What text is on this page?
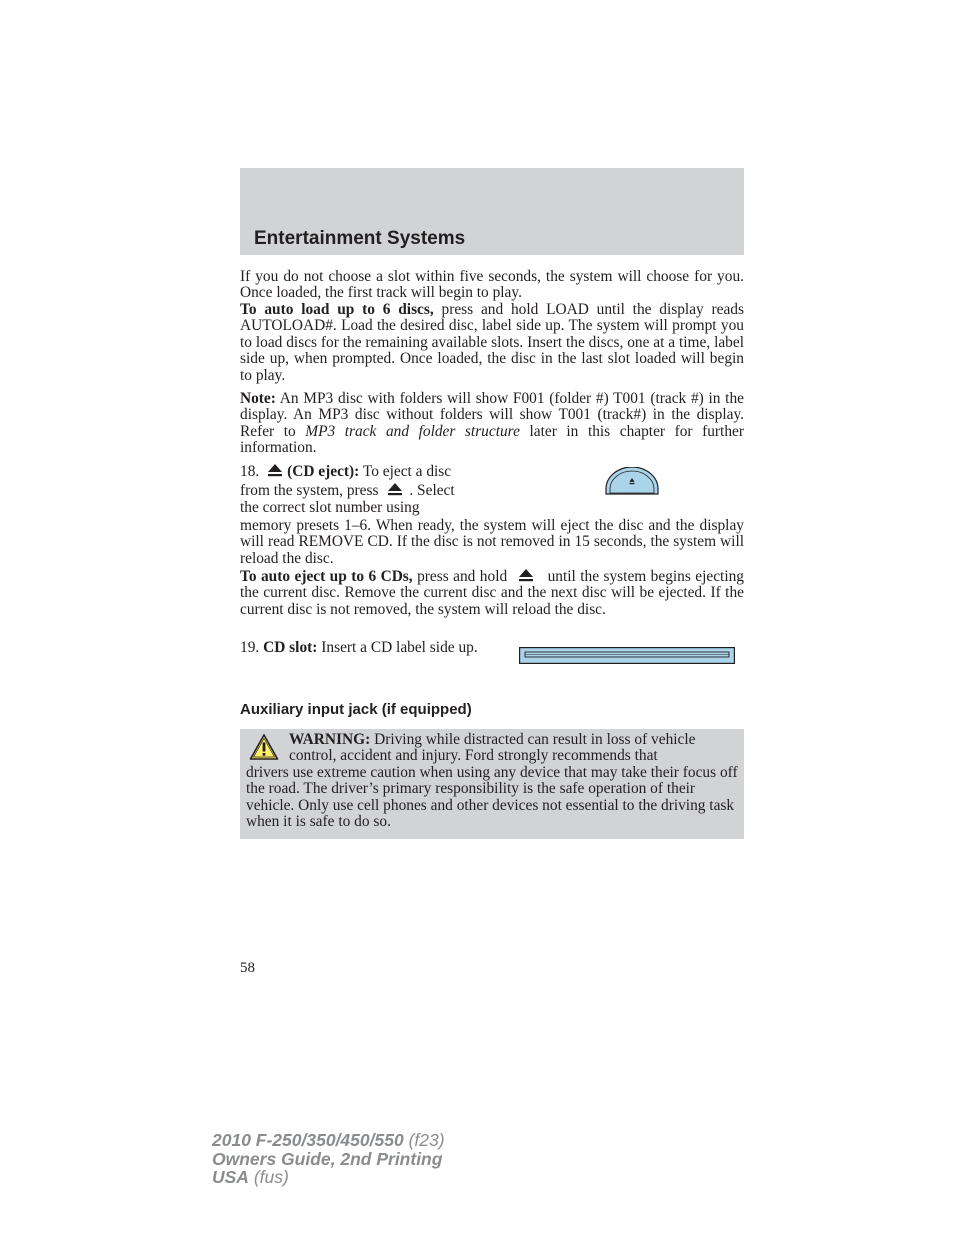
Entertainment Systems

If you do not choose a slot within five seconds, the system will choose for you. Once loaded, the first track will begin to play.

To auto load up to 6 discs, press and hold LOAD until the display reads AUTOLOAD#. Load the desired disc, label side up. The system will prompt you to load discs for the remaining available slots. Insert the discs, one at a time, label side up, when prompted. Once loaded, the disc in the last slot loaded will begin to play.

Note: An MP3 disc with folders will show F001 (folder #) T001 (track #) in the display. An MP3 disc without folders will show T001 (track#) in the display. Refer to MP3 track and folder structure later in this chapter for further information.

18. (CD eject): To eject a disc
from the system, press . Select
the correct slot number using

memory presets 1–6. When ready, the system will eject the disc and the display will read REMOVE CD. If the disc is not removed in 15 seconds, the system will reload the disc.

To auto eject up to 6 CDs, press and hold	until the system begins ejecting the current disc. Remove the current disc and the next disc will be ejected. If the current disc is not removed, the system will reload the disc.

19. CD slot: Insert a CD label side up.
Auxiliary input jack (if equipped)
WARNING: Driving while distracted can result in loss of vehicle control, accident and injury. Ford strongly recommends that
drivers use extreme caution when using any device that may take their focus off the road. The driver’s primary responsibility is the safe operation of their vehicle. Only use cell phones and other devices not essential to the driving task when it is safe to do so.
58
2010 F-250/350/450/550 (f23)
Owners Guide, 2nd Printing
USA (fus)
